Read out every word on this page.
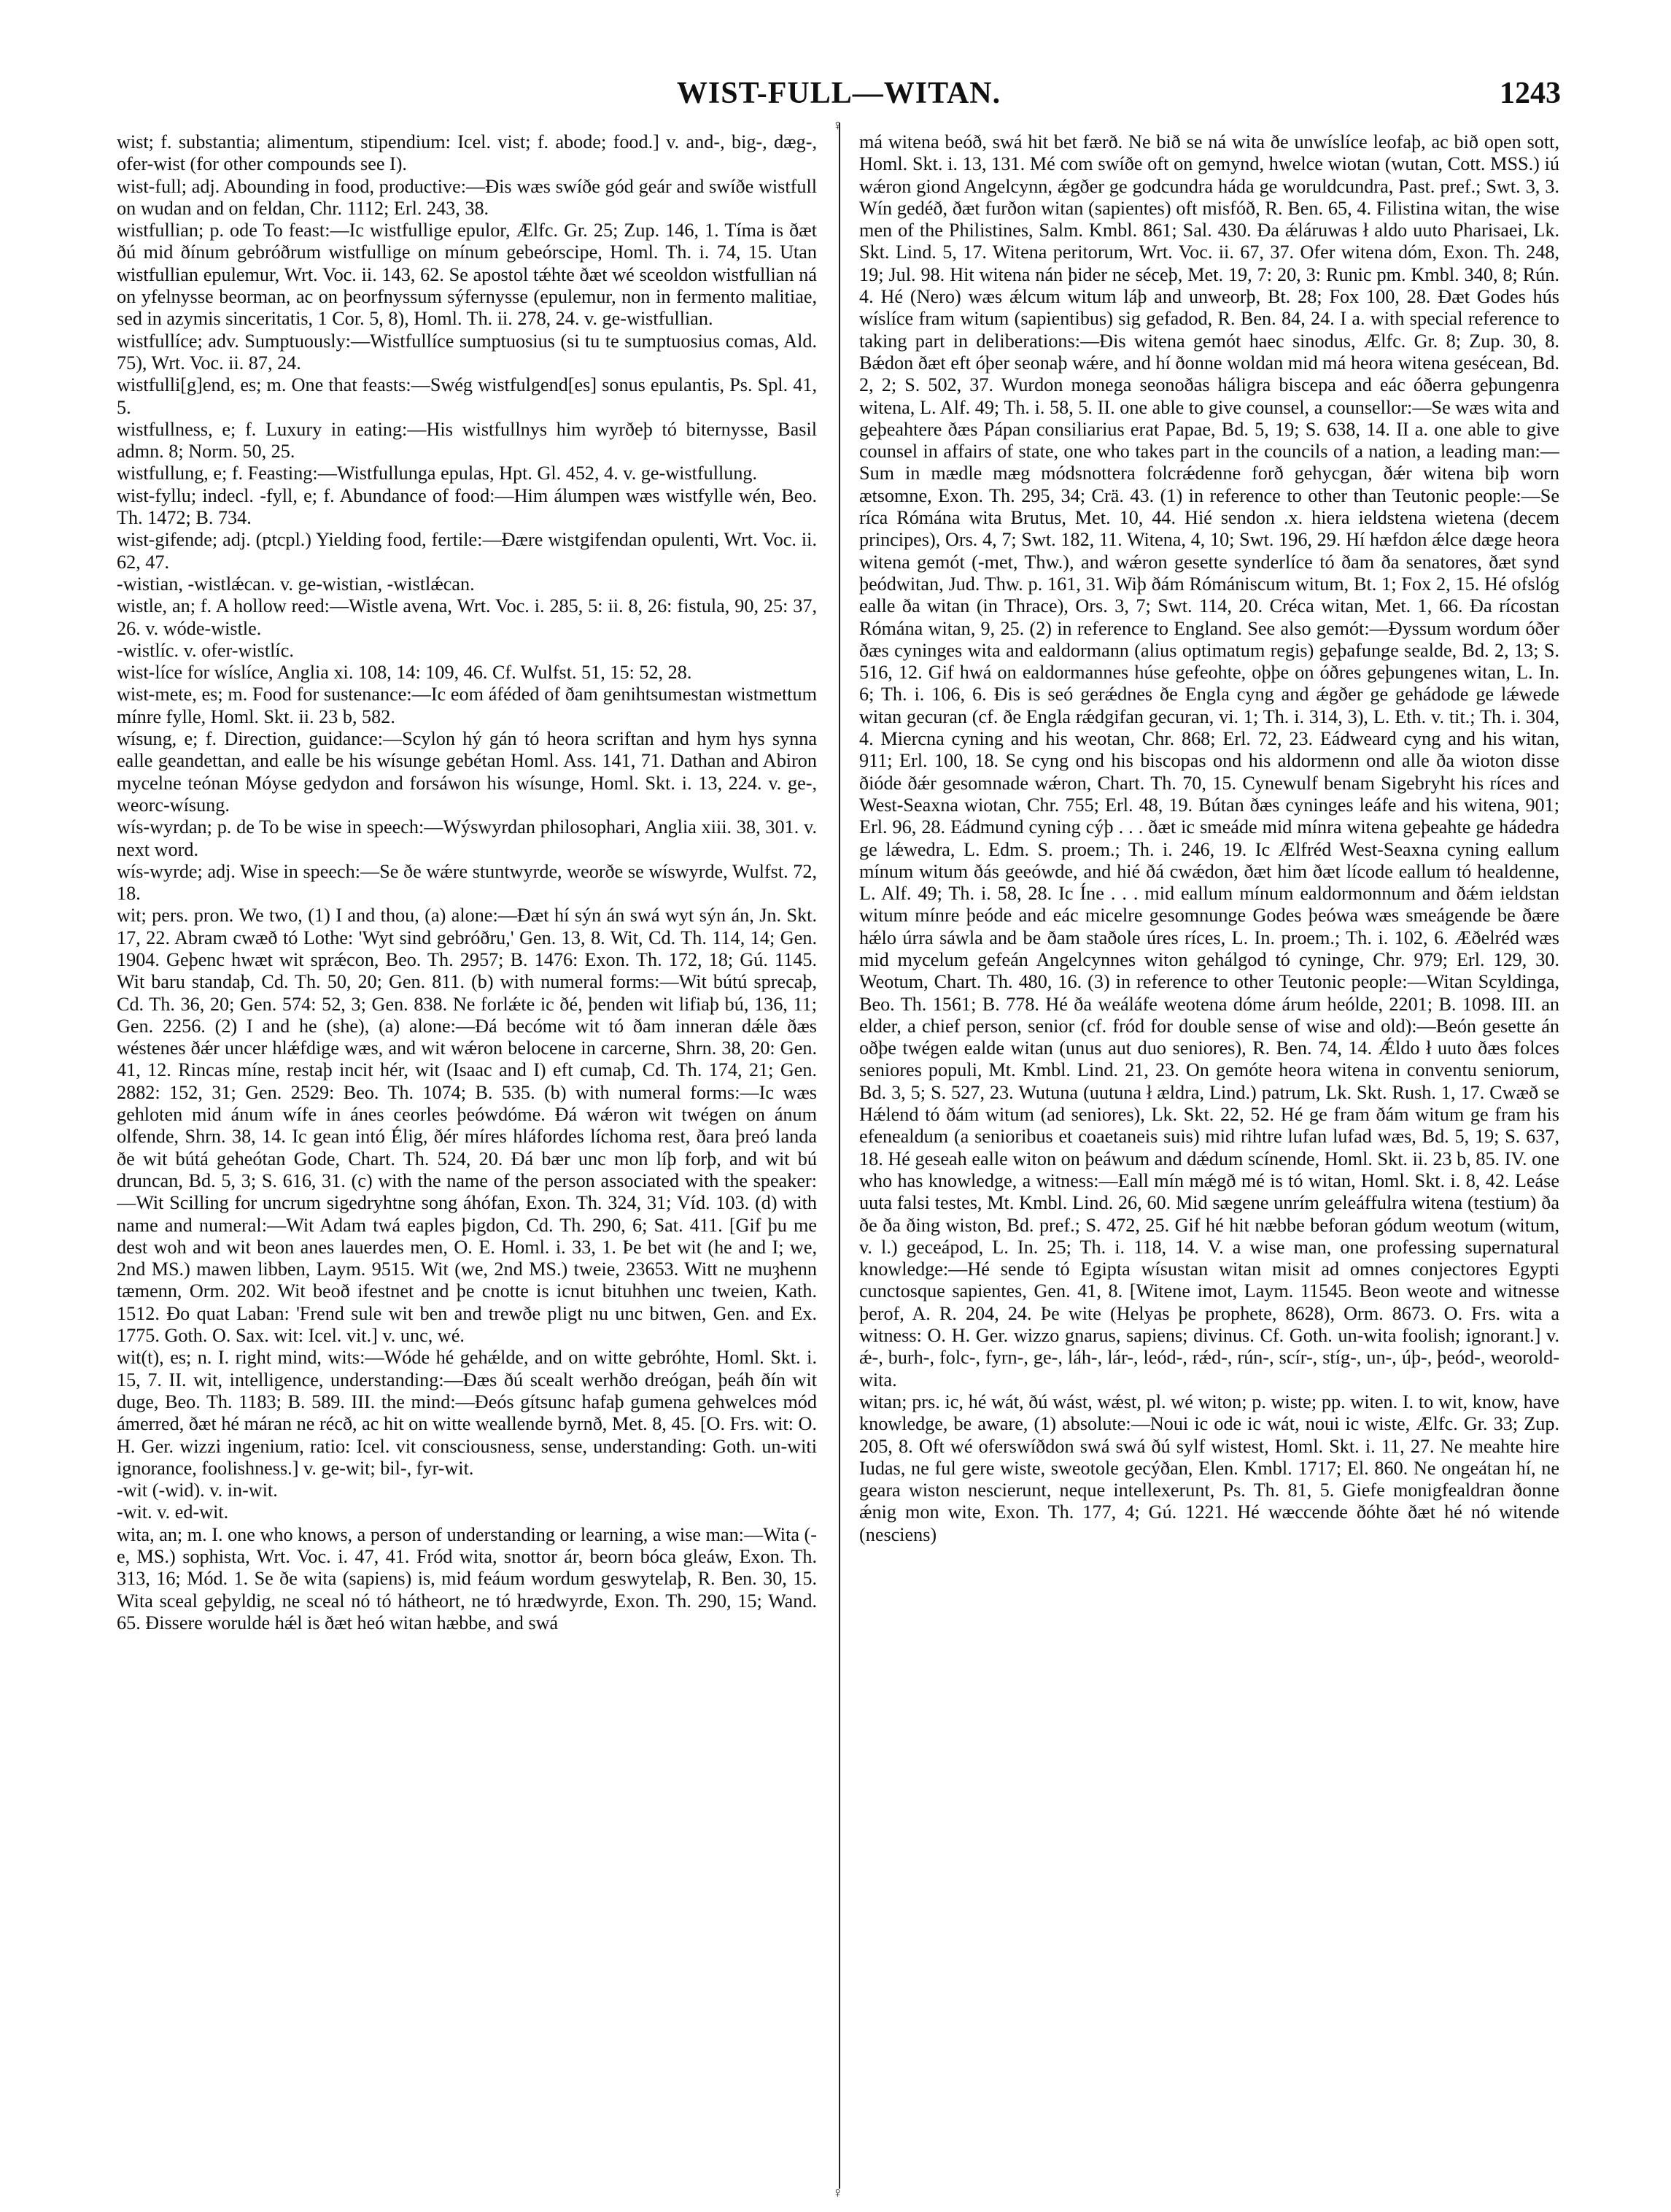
WIST-FULL—WITAN.	1243
♀
♀

wist; f. substantia; alimentum, stipendium: Icel. vist; f. abode; food.] v. and-, big-, dæg-, ofer-wist (for other compounds see I).

wist-full; adj. Abounding in food, productive:—Ðis wæs swíðe gód geár and swíðe wistfull on wudan and on feldan, Chr. 1112; Erl. 243, 38.

wistfullian; p. ode To feast:—Ic wistfullige epulor, Ælfc. Gr. 25; Zup. 146, 1. Tíma is ðæt ðú mid ðínum gebróðrum wistfullige on mínum gebeórscipe, Homl. Th. i. 74, 15. Utan wistfullian epulemur, Wrt. Voc. ii. 143, 62. Se apostol tǽhte ðæt wé sceoldon wistfullian ná on yfelnysse beorman, ac on þeorfnyssum sýfernysse (epulemur, non in fermento malitiae, sed in azymis sinceritatis, 1 Cor. 5, 8), Homl. Th. ii. 278, 24. v. ge-wistfullian.

wistfullíce; adv. Sumptuously:—Wistfullíce sumptuosius (si tu te sumptuosius comas, Ald. 75), Wrt. Voc. ii. 87, 24.

wistfulli[g]end, es; m. One that feasts:—Swég wistfulgend[es] sonus epulantis, Ps. Spl. 41, 5.

wistfullness, e; f. Luxury in eating:—His wistfullnys him wyrðeþ tó biternysse, Basil admn. 8; Norm. 50, 25.

wistfullung, e; f. Feasting:—Wistfullunga epulas, Hpt. Gl. 452, 4. v. ge-wistfullung.

wist-fyllu; indecl. -fyll, e; f. Abundance of food:—Him álumpen wæs wistfylle wén, Beo. Th. 1472; B. 734.

wist-gifende; adj. (ptcpl.) Yielding food, fertile:—Ðære wistgifendan opulenti, Wrt. Voc. ii. 62, 47.

-wistian, -wistlǽcan. v. ge-wistian, -wistlǽcan.

wistle, an; f. A hollow reed:—Wistle avena, Wrt. Voc. i. 285, 5: ii. 8, 26: fistula, 90, 25: 37, 26. v. wóde-wistle.

-wistlíc. v. ofer-wistlíc.

wist-líce for wíslíce, Anglia xi. 108, 14: 109, 46. Cf. Wulfst. 51, 15: 52, 28.

wist-mete, es; m. Food for sustenance:—Ic eom áféded of ðam genihtsumestan wistmettum mínre fylle, Homl. Skt. ii. 23 b, 582.

wísung, e; f. Direction, guidance:—Scylon hý gán tó heora scriftan and hym hys synna ealle geandettan, and ealle be his wísunge gebétan Homl. Ass. 141, 71. Dathan and Abiron mycelne teónan Móyse gedydon and forsáwon his wísunge, Homl. Skt. i. 13, 224. v. ge-, weorc-wísung.

wís-wyrdan; p. de To be wise in speech:—Wýswyrdan philosophari, Anglia xiii. 38, 301. v. next word.

wís-wyrde; adj. Wise in speech:—Se ðe wǽre stuntwyrde, weorðe se wíswyrde, Wulfst. 72, 18.

wit; pers. pron. We two, (1) I and thou, (a) alone:—Ðæt hí sýn án swá wyt sýn án, Jn. Skt. 17, 22. Abram cwæð tó Lothe: 'Wyt sind gebróðru,' Gen. 13, 8. Wit, Cd. Th. 114, 14; Gen. 1904. Geþenc hwæt wit sprǽcon, Beo. Th. 2957; B. 1476: Exon. Th. 172, 18; Gú. 1145. Wit baru standaþ, Cd. Th. 50, 20; Gen. 811. (b) with numeral forms:—Wit bútú sprecaþ, Cd. Th. 36, 20; Gen. 574: 52, 3; Gen. 838. Ne forlǽte ic ðé, þenden wit lifiaþ bú, 136, 11; Gen. 2256. (2) I and he (she), (a) alone:—Ðá becóme wit tó ðam inneran dǽle ðæs wéstenes ðǽr uncer hlǽfdige wæs, and wit wǽron belocene in carcerne, Shrn. 38, 20: Gen. 41, 12. Rincas míne, restaþ incit hér, wit (Isaac and I) eft cumaþ, Cd. Th. 174, 21; Gen. 2882: 152, 31; Gen. 2529: Beo. Th. 1074; B. 535. (b) with numeral forms:—Ic wæs gehloten mid ánum wífe in ánes ceorles þeówdóme. Ðá wǽron wit twégen on ánum olfende, Shrn. 38, 14. Ic gean intó Élig, ðér míres hláfordes líchoma rest, ðara þreó landa ðe wit bútá geheótan Gode, Chart. Th. 524, 20. Ðá bær unc mon líþ forþ, and wit bú druncan, Bd. 5, 3; S. 616, 31. (c) with the name of the person associated with the speaker:—Wit Scilling for uncrum sigedryhtne song áhófan, Exon. Th. 324, 31; Víd. 103. (d) with name and numeral:—Wit Adam twá eaples þigdon, Cd. Th. 290, 6; Sat. 411. [Gif þu me dest woh and wit beon anes lauerdes men, O. E. Homl. i. 33, 1. Þe bet wit (he and I; we, 2nd MS.) mawen libben, Laym. 9515. Wit (we, 2nd MS.) tweie, 23653. Witt ne muȝhenn tæmenn, Orm. 202. Wit beoð ifestnet and þe cnotte is icnut bituhhen unc tweien, Kath. 1512. Ðo quat Laban: 'Frend sule wit ben and trewðe pligt nu unc bitwen, Gen. and Ex. 1775. Goth. O. Sax. wit: Icel. vit.] v. unc, wé.

wit(t), es; n. I. right mind, wits:—Wóde hé gehǽlde, and on witte gebróhte, Homl. Skt. i. 15, 7. II. wit, intelligence, understanding:—Ðæs ðú scealt werhðo dreógan, þeáh ðín wit duge, Beo. Th. 1183; B. 589. III. the mind:—Ðeós gítsunc hafaþ gumena gehwelces mód ámerred, ðæt hé máran ne récð, ac hit on witte weallende byrnð, Met. 8, 45. [O. Frs. wit: O. H. Ger. wizzi ingenium, ratio: Icel. vit consciousness, sense, understanding: Goth. un-witi ignorance, foolishness.] v. ge-wit; bil-, fyr-wit.

-wit (-wid). v. in-wit.

-wit. v. ed-wit.

wita, an; m. I. one who knows, a person of understanding or learning, a wise man:—Wita (-e, MS.) sophista, Wrt. Voc. i. 47, 41. Fród wita, snottor ár, beorn bóca gleáw, Exon. Th. 313, 16; Mód. 1. Se ðe wita (sapiens) is, mid feáum wordum geswytelaþ, R. Ben. 30, 15. Wita sceal geþyldig, ne sceal nó tó hátheort, ne tó hrædwyrde, Exon. Th. 290, 15; Wand. 65. Ðissere worulde hǽl is ðæt heó witan hæbbe, and swá

má witena beóð, swá hit bet færð. Ne bið se ná wita ðe unwíslíce leofaþ, ac bið open sott, Homl. Skt. i. 13, 131. Mé com swíðe oft on gemynd, hwelce wiotan (wutan, Cott. MSS.) iú wǽron giond Angelcynn, ǽgðer ge godcundra háda ge woruldcundra, Past. pref.; Swt. 3, 3. Wín gedéð, ðæt furðon witan (sapientes) oft misfóð, R. Ben. 65, 4. Filistina witan, the wise men of the Philistines, Salm. Kmbl. 861; Sal. 430. Ða ǽláruwas ł aldo uuto Pharisaei, Lk. Skt. Lind. 5, 17. Witena peritorum, Wrt. Voc. ii. 67, 37. Ofer witena dóm, Exon. Th. 248, 19; Jul. 98. Hit witena nán þider ne séceþ, Met. 19, 7: 20, 3: Runic pm. Kmbl. 340, 8; Rún. 4. Hé (Nero) wæs ǽlcum witum láþ and unweorþ, Bt. 28; Fox 100, 28. Ðæt Godes hús wíslíce fram witum (sapientibus) sig gefadod, R. Ben. 84, 24. I a. with special reference to taking part in deliberations:—Ðis witena gemót haec sinodus, Ælfc. Gr. 8; Zup. 30, 8. Bǽdon ðæt eft óþer seonaþ wǽre, and hí ðonne woldan mid má heora witena gesécean, Bd. 2, 2; S. 502, 37. Wurdon monega seonoðas háligra biscepa and eác óðerra geþungenra witena, L. Alf. 49; Th. i. 58, 5. II. one able to give counsel, a counsellor:—Se wæs wita and geþeahtere ðæs Pápan consiliarius erat Papae, Bd. 5, 19; S. 638, 14. II a. one able to give counsel in affairs of state, one who takes part in the councils of a nation, a leading man:—Sum in mædle mæg módsnottera folcrǽdenne forð gehycgan, ðǽr witena biþ worn ætsomne, Exon. Th. 295, 34; Crä. 43. (1) in reference to other than Teutonic people:—Se ríca Rómána wita Brutus, Met. 10, 44. Hié sendon .x. hiera ieldstena wietena (decem principes), Ors. 4, 7; Swt. 182, 11. Witena, 4, 10; Swt. 196, 29. Hí hæfdon ǽlce dæge heora witena gemót (-met, Thw.), and wǽron gesette synderlíce tó ðam ða senatores, ðæt synd þeódwitan, Jud. Thw. p. 161, 31. Wiþ ðám Rómániscum witum, Bt. 1; Fox 2, 15. Hé ofslóg ealle ða witan (in Thrace), Ors. 3, 7; Swt. 114, 20. Créca witan, Met. 1, 66. Ða rícostan Rómána witan, 9, 25. (2) in reference to England. See also gemót:—Ðyssum wordum óðer ðæs cyninges wita and ealdormann (alius optimatum regis) geþafunge sealde, Bd. 2, 13; S. 516, 12. Gif hwá on ealdormannes húse gefeohte, oþþe on óðres geþungenes witan, L. In. 6; Th. i. 106, 6. Ðis is seó gerǽdnes ðe Engla cyng and ǽgðer ge gehádode ge lǽwede witan gecuran (cf. ðe Engla rǽdgifan gecuran, vi. 1; Th. i. 314, 3), L. Eth. v. tit.; Th. i. 304, 4. Miercna cyning and his weotan, Chr. 868; Erl. 72, 23. Eádweard cyng and his witan, 911; Erl. 100, 18. Se cyng ond his biscopas ond his aldormenn ond alle ða wioton disse ðióde ðǽr gesomnade wǽron, Chart. Th. 70, 15. Cynewulf benam Sigebryht his ríces and West-Seaxna wiotan, Chr. 755; Erl. 48, 19. Bútan ðæs cyninges leáfe and his witena, 901; Erl. 96, 28. Eádmund cyning cýþ . . . ðæt ic smeáde mid mínra witena geþeahte ge hádedra ge lǽwedra, L. Edm. S. proem.; Th. i. 246, 19. Ic Ælfréd West-Seaxna cyning eallum mínum witum ðás geeówde, and hié ðá cwǽdon, ðæt him ðæt lícode eallum tó healdenne, L. Alf. 49; Th. i. 58, 28. Ic Íne . . . mid eallum mínum ealdormonnum and ðǽm ieldstan witum mínre þeóde and eác micelre gesomnunge Godes þeówa wæs smeágende be ðære hǽlo úrra sáwla and be ðam staðole úres ríces, L. In. proem.; Th. i. 102, 6. Æðelréd wæs mid mycelum gefeán Angelcynnes witon gehálgod tó cyninge, Chr. 979; Erl. 129, 30. Weotum, Chart. Th. 480, 16. (3) in reference to other Teutonic people:—Witan Scyldinga, Beo. Th. 1561; B. 778. Hé ða weáláfe weotena dóme árum heólde, 2201; B. 1098. III. an elder, a chief person, senior (cf. fród for double sense of wise and old):—Beón gesette án oðþe twégen ealde witan (unus aut duo seniores), R. Ben. 74, 14. Ǽldo ł uuto ðæs folces seniores populi, Mt. Kmbl. Lind. 21, 23. On gemóte heora witena in conventu seniorum, Bd. 3, 5; S. 527, 23. Wutuna (uutuna ł ældra, Lind.) patrum, Lk. Skt. Rush. 1, 17. Cwæð se Hǽlend tó ðám witum (ad seniores), Lk. Skt. 22, 52. Hé ge fram ðám witum ge fram his efenealdum (a senioribus et coaetaneis suis) mid rihtre lufan lufad wæs, Bd. 5, 19; S. 637, 18. Hé geseah ealle witon on þeáwum and dǽdum scínende, Homl. Skt. ii. 23 b, 85. IV. one who has knowledge, a witness:—Eall mín mǽgð mé is tó witan, Homl. Skt. i. 8, 42. Leáse uuta falsi testes, Mt. Kmbl. Lind. 26, 60. Mid sægene unrím geleáffulra witena (testium) ða ðe ða ðing wiston, Bd. pref.; S. 472, 25. Gif hé hit næbbe beforan gódum weotum (witum, v. l.) geceápod, L. In. 25; Th. i. 118, 14. V. a wise man, one professing supernatural knowledge:—Hé sende tó Egipta wísustan witan misit ad omnes conjectores Egypti cunctosque sapientes, Gen. 41, 8. [Witene imot, Laym. 11545. Beon weote and witnesse þerof, A. R. 204, 24. Þe wite (Helyas þe prophete, 8628), Orm. 8673. O. Frs. wita a witness: O. H. Ger. wizzo gnarus, sapiens; divinus. Cf. Goth. un-wita foolish; ignorant.] v. ǽ-, burh-, folc-, fyrn-, ge-, láh-, lár-, leód-, rǽd-, rún-, scír-, stíg-, un-, úþ-, þeód-, weorold-wita.

witan; prs. ic, hé wát, ðú wást, wǽst, pl. wé witon; p. wiste; pp. witen. I. to wit, know, have knowledge, be aware, (1) absolute:—Noui ic ode ic wát, noui ic wiste, Ælfc. Gr. 33; Zup. 205, 8. Oft wé oferswíðdon swá swá ðú sylf wistest, Homl. Skt. i. 11, 27. Ne meahte hire Iudas, ne ful gere wiste, sweotole gecýðan, Elen. Kmbl. 1717; El. 860. Ne ongeátan hí, ne geara wiston nescierunt, neque intellexerunt, Ps. Th. 81, 5. Giefe monigfealdran ðonne ǽnig mon wite, Exon. Th. 177, 4; Gú. 1221. Hé wæccende ðóhte ðæt hé nó witende (nesciens)
